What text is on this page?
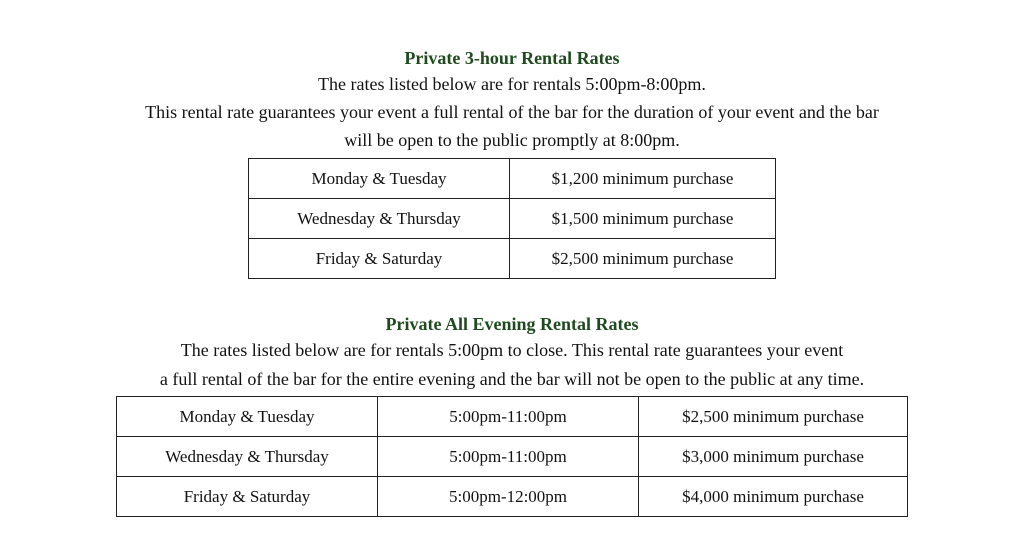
Private 3-hour Rental Rates

The rates listed below are for rentals 5:00pm-8:00pm.

This rental rate guarantees your event a full rental of the bar for the duration of your event and the bar

will be open to the public promptly at 8:00pm.

Monday & Tuesday	$1,200 minimum purchase
Wednesday & Thursday	$1,500 minimum purchase
Friday & Saturday	$2,500 minimum purchase

Private All Evening Rental Rates

The rates listed below are for rentals 5:00pm to close. This rental rate guarantees your event

a full rental of the bar for the entire evening and the bar will not be open to the public at any time.

Monday & Tuesday	5:00pm-11:00pm	$2,500 minimum purchase
Wednesday & Thursday	5:00pm-11:00pm	$3,000 minimum purchase
Friday & Saturday	5:00pm-12:00pm	$4,000 minimum purchase
